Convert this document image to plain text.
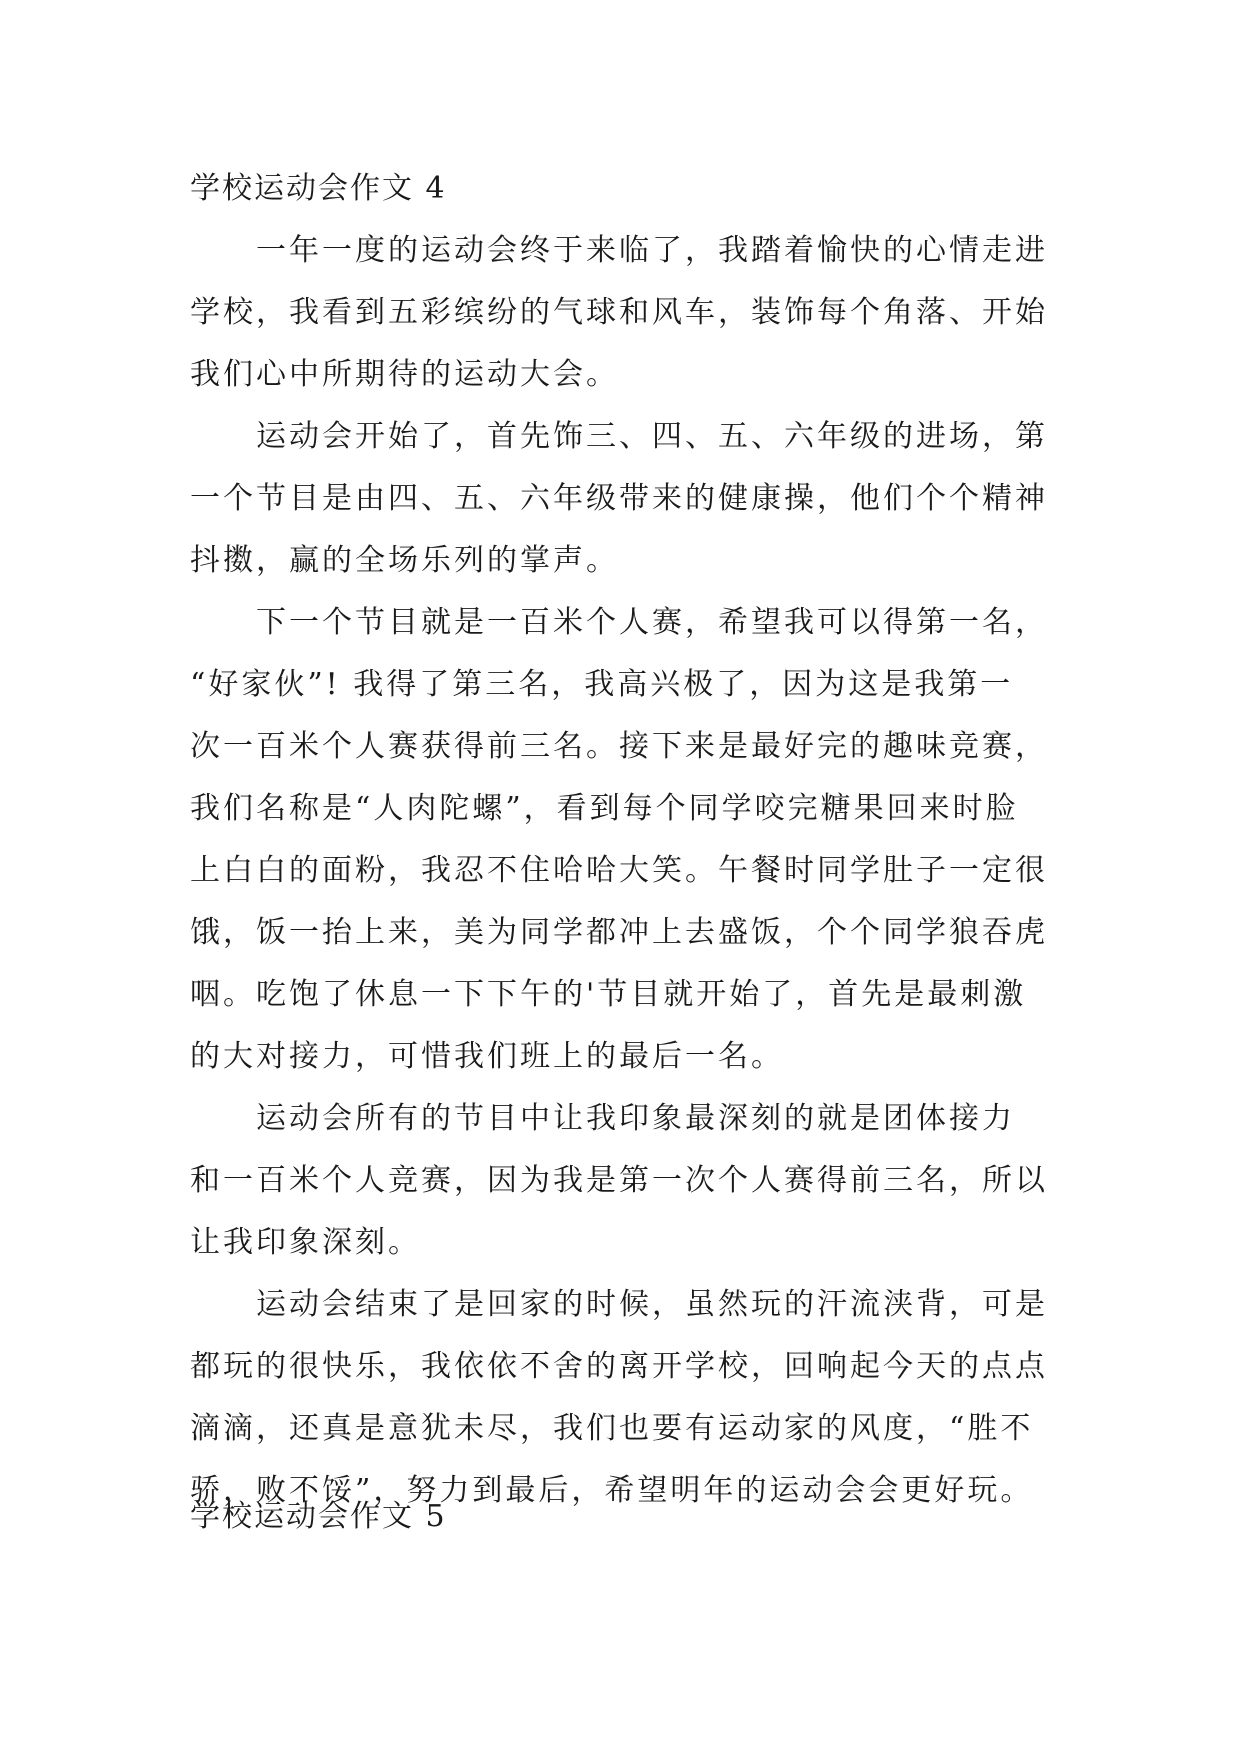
学校运动会作文 4

一年一度的运动会终于来临了，我踏着愉快的心情走进
学校，我看到五彩缤纷的气球和风车，装饰每个角落、开始
我们心中所期待的运动大会。

运动会开始了，首先饰三、四、五、六年级的进场，第
一个节目是由四、五、六年级带来的健康操，他们个个精神
抖擞，赢的全场乐列的掌声。

下一个节目就是一百米个人赛，希望我可以得第一名，
“好家伙”! 我得了第三名，我高兴极了，因为这是我第一
次一百米个人赛获得前三名。接下来是最好完的趣味竞赛，
我们名称是“人肉陀螺”，看到每个同学咬完糖果回来时脸
上白白的面粉，我忍不住哈哈大笑。午餐时同学肚子一定很
饿，饭一抬上来，美为同学都冲上去盛饭，个个同学狼吞虎
咽。吃饱了休息一下下午的'节目就开始了，首先是最刺激
的大对接力，可惜我们班上的最后一名。

运动会所有的节目中让我印象最深刻的就是团体接力
和一百米个人竞赛，因为我是第一次个人赛得前三名，所以
让我印象深刻。

运动会结束了是回家的时候，虽然玩的汗流浃背，可是
都玩的很快乐，我依依不舍的离开学校，回响起今天的点点
滴滴，还真是意犹未尽，我们也要有运动家的风度，“胜不
骄，败不馁”，努力到最后，希望明年的运动会会更好玩。

学校运动会作文 5
